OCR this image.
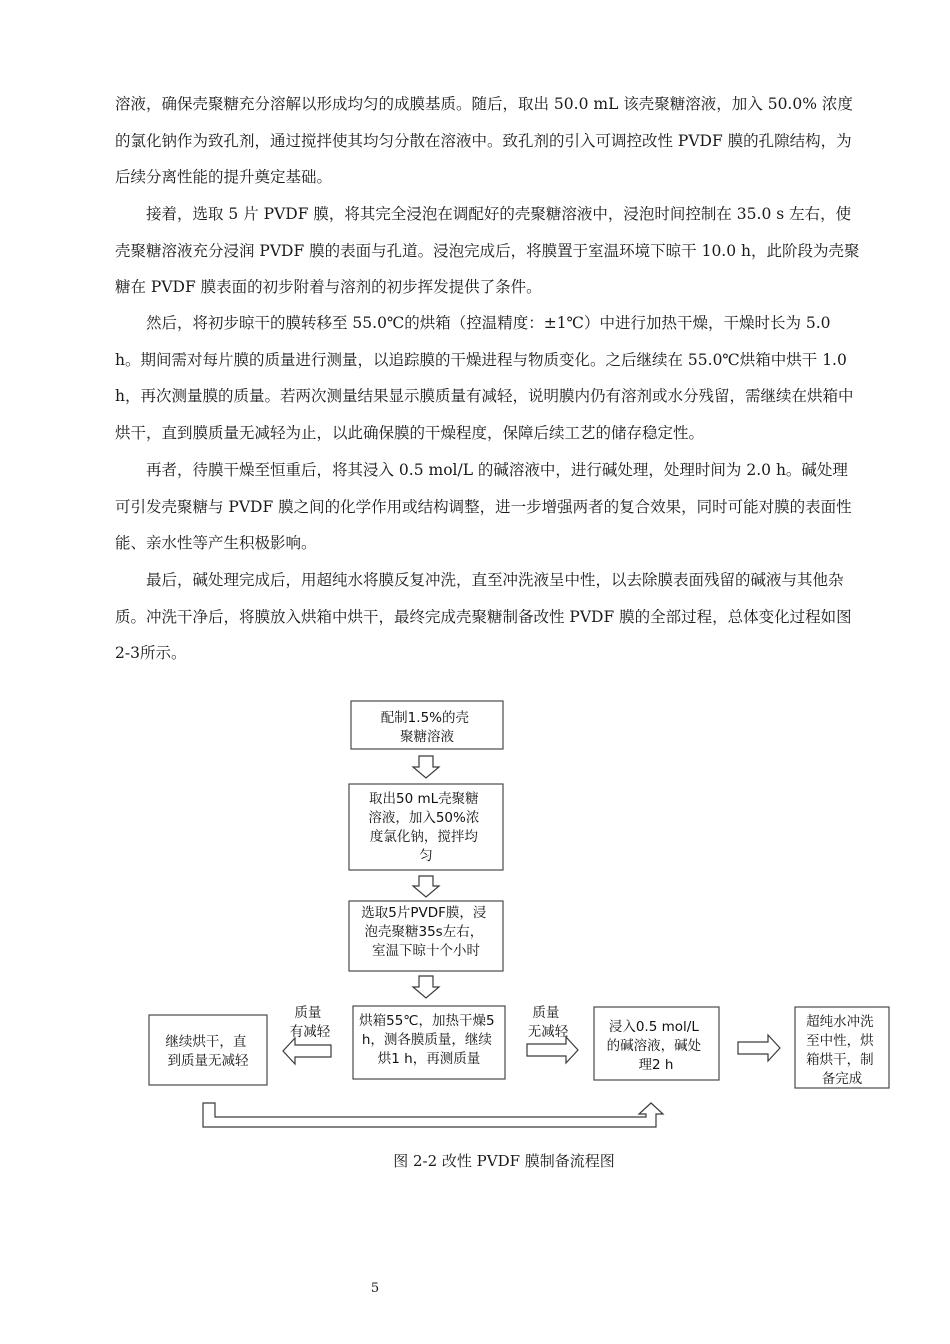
溶液，确保壳聚糖充分溶解以形成均匀的成膜基质。随后，取出 50.0 mL 该壳聚糖溶液，加入 50.0% 浓度的氯化钠作为致孔剂，通过搅拌使其均匀分散在溶液中。致孔剂的引入可调控改性 PVDF 膜的孔隙结构，为后续分离性能的提升奠定基础。

接着，选取 5 片 PVDF 膜，将其完全浸泡在调配好的壳聚糖溶液中，浸泡时间控制在 35.0 s 左右，使壳聚糖溶液充分浸润 PVDF 膜的表面与孔道。浸泡完成后，将膜置于室温环境下晾干 10.0 h，此阶段为壳聚糖在 PVDF 膜表面的初步附着与溶剂的初步挥发提供了条件。

然后，将初步晾干的膜转移至 55.0℃的烘箱（控温精度：±1℃）中进行加热干燥，干燥时长为 5.0 h。期间需对每片膜的质量进行测量，以追踪膜的干燥进程与物质变化。之后继续在 55.0℃烘箱中烘干 1.0 h，再次测量膜的质量。若两次测量结果显示膜质量有减轻，说明膜内仍有溶剂或水分残留，需继续在烘箱中烘干，直到膜质量无减轻为止，以此确保膜的干燥程度，保障后续工艺的储存稳定性。

再者，待膜干燥至恒重后，将其浸入 0.5 mol/L 的碱溶液中，进行碱处理，处理时间为 2.0 h。碱处理可引发壳聚糖与 PVDF 膜之间的化学作用或结构调整，进一步增强两者的复合效果，同时可能对膜的表面性能、亲水性等产生积极影响。

最后，碱处理完成后，用超纯水将膜反复冲洗，直至冲洗液呈中性，以去除膜表面残留的碱液与其他杂质。冲洗干净后，将膜放入烘箱中烘干，最终完成壳聚糖制备改性 PVDF 膜的全部过程，总体变化过程如图 2-3所示。

配制1.5%的壳 聚糖溶液
取出50 mL壳聚糖 溶液，加入50%浓 度氯化钠，搅拌均 匀
选取5片PVDF膜，浸 泡壳聚糖35s左右， 室温下晾十个小时
烘箱55℃，加热干燥5 h，测各膜质量，继续 烘1 h，再测质量
继续烘干，直 到质量无减轻
浸入0.5 mol/L 的碱溶液，碱处 理2 h
超纯水冲洗 至中性，烘 箱烘干，制 备完成
质量 有减轻
质量 无减轻
图 2-2 改性 PVDF 膜制备流程图
5
